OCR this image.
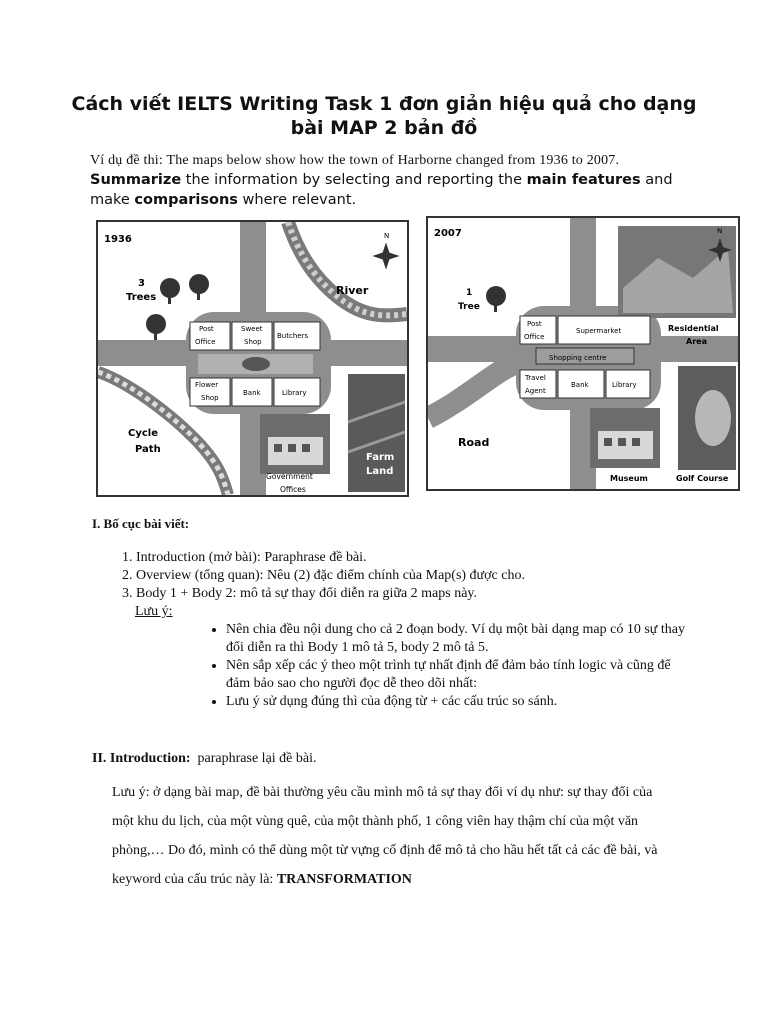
Cách viết IELTS Writing Task 1 đơn giản hiệu quả cho dạng bài MAP 2 bản đồ
Ví dụ đề thi: The maps below show how the town of Harborne changed from 1936 to 2007.
Summarize the information by selecting and reporting the main features and make comparisons where relevant.
1936	N
3
Trees
River
Post
Office
Sweet
Shop
Butchers
Flower
Shop
Bank	Library
Cycle
Path
Government
Offices
Farm
Land
2007	N
1
Tree
Post
Office
Supermarket
Shopping centre
Residential
Area
Travel
Agent
Bank	Library
Road
Museum	Golf Course
I. Bố cục bài viết:
1. Introduction (mở bài): Paraphrase đề bài.
2. Overview (tổng quan): Nêu (2) đặc điểm chính của Map(s) được cho.
3. Body 1 + Body 2: mô tả sự thay đổi diễn ra giữa 2 maps này.
Lưu ý:
• Nên chia đều nội dung cho cả 2 đoạn body. Ví dụ một bài dạng map có 10 sự thay đổi diễn ra thì Body 1 mô tả 5, body 2 mô tả 5.
• Nên sắp xếp các ý theo một trình tự nhất định để đảm bảo tính logic và cũng để đảm bảo sao cho người đọc dễ theo dõi nhất:
• Lưu ý sử dụng đúng thì của động từ + các cấu trúc so sánh.
II. Introduction: paraphrase lại đề bài.
Lưu ý: ở dạng bài map, đề bài thường yêu cầu mình mô tả sự thay đổi ví dụ như: sự thay đổi của một khu du lịch, của một vùng quê, của một thành phố, 1 công viên hay thậm chí của một văn phòng,… Do đó, mình có thể dùng một từ vựng cố định để mô tả cho hầu hết tất cả các đề bài, và keyword của cấu trúc này là: TRANSFORMATION
